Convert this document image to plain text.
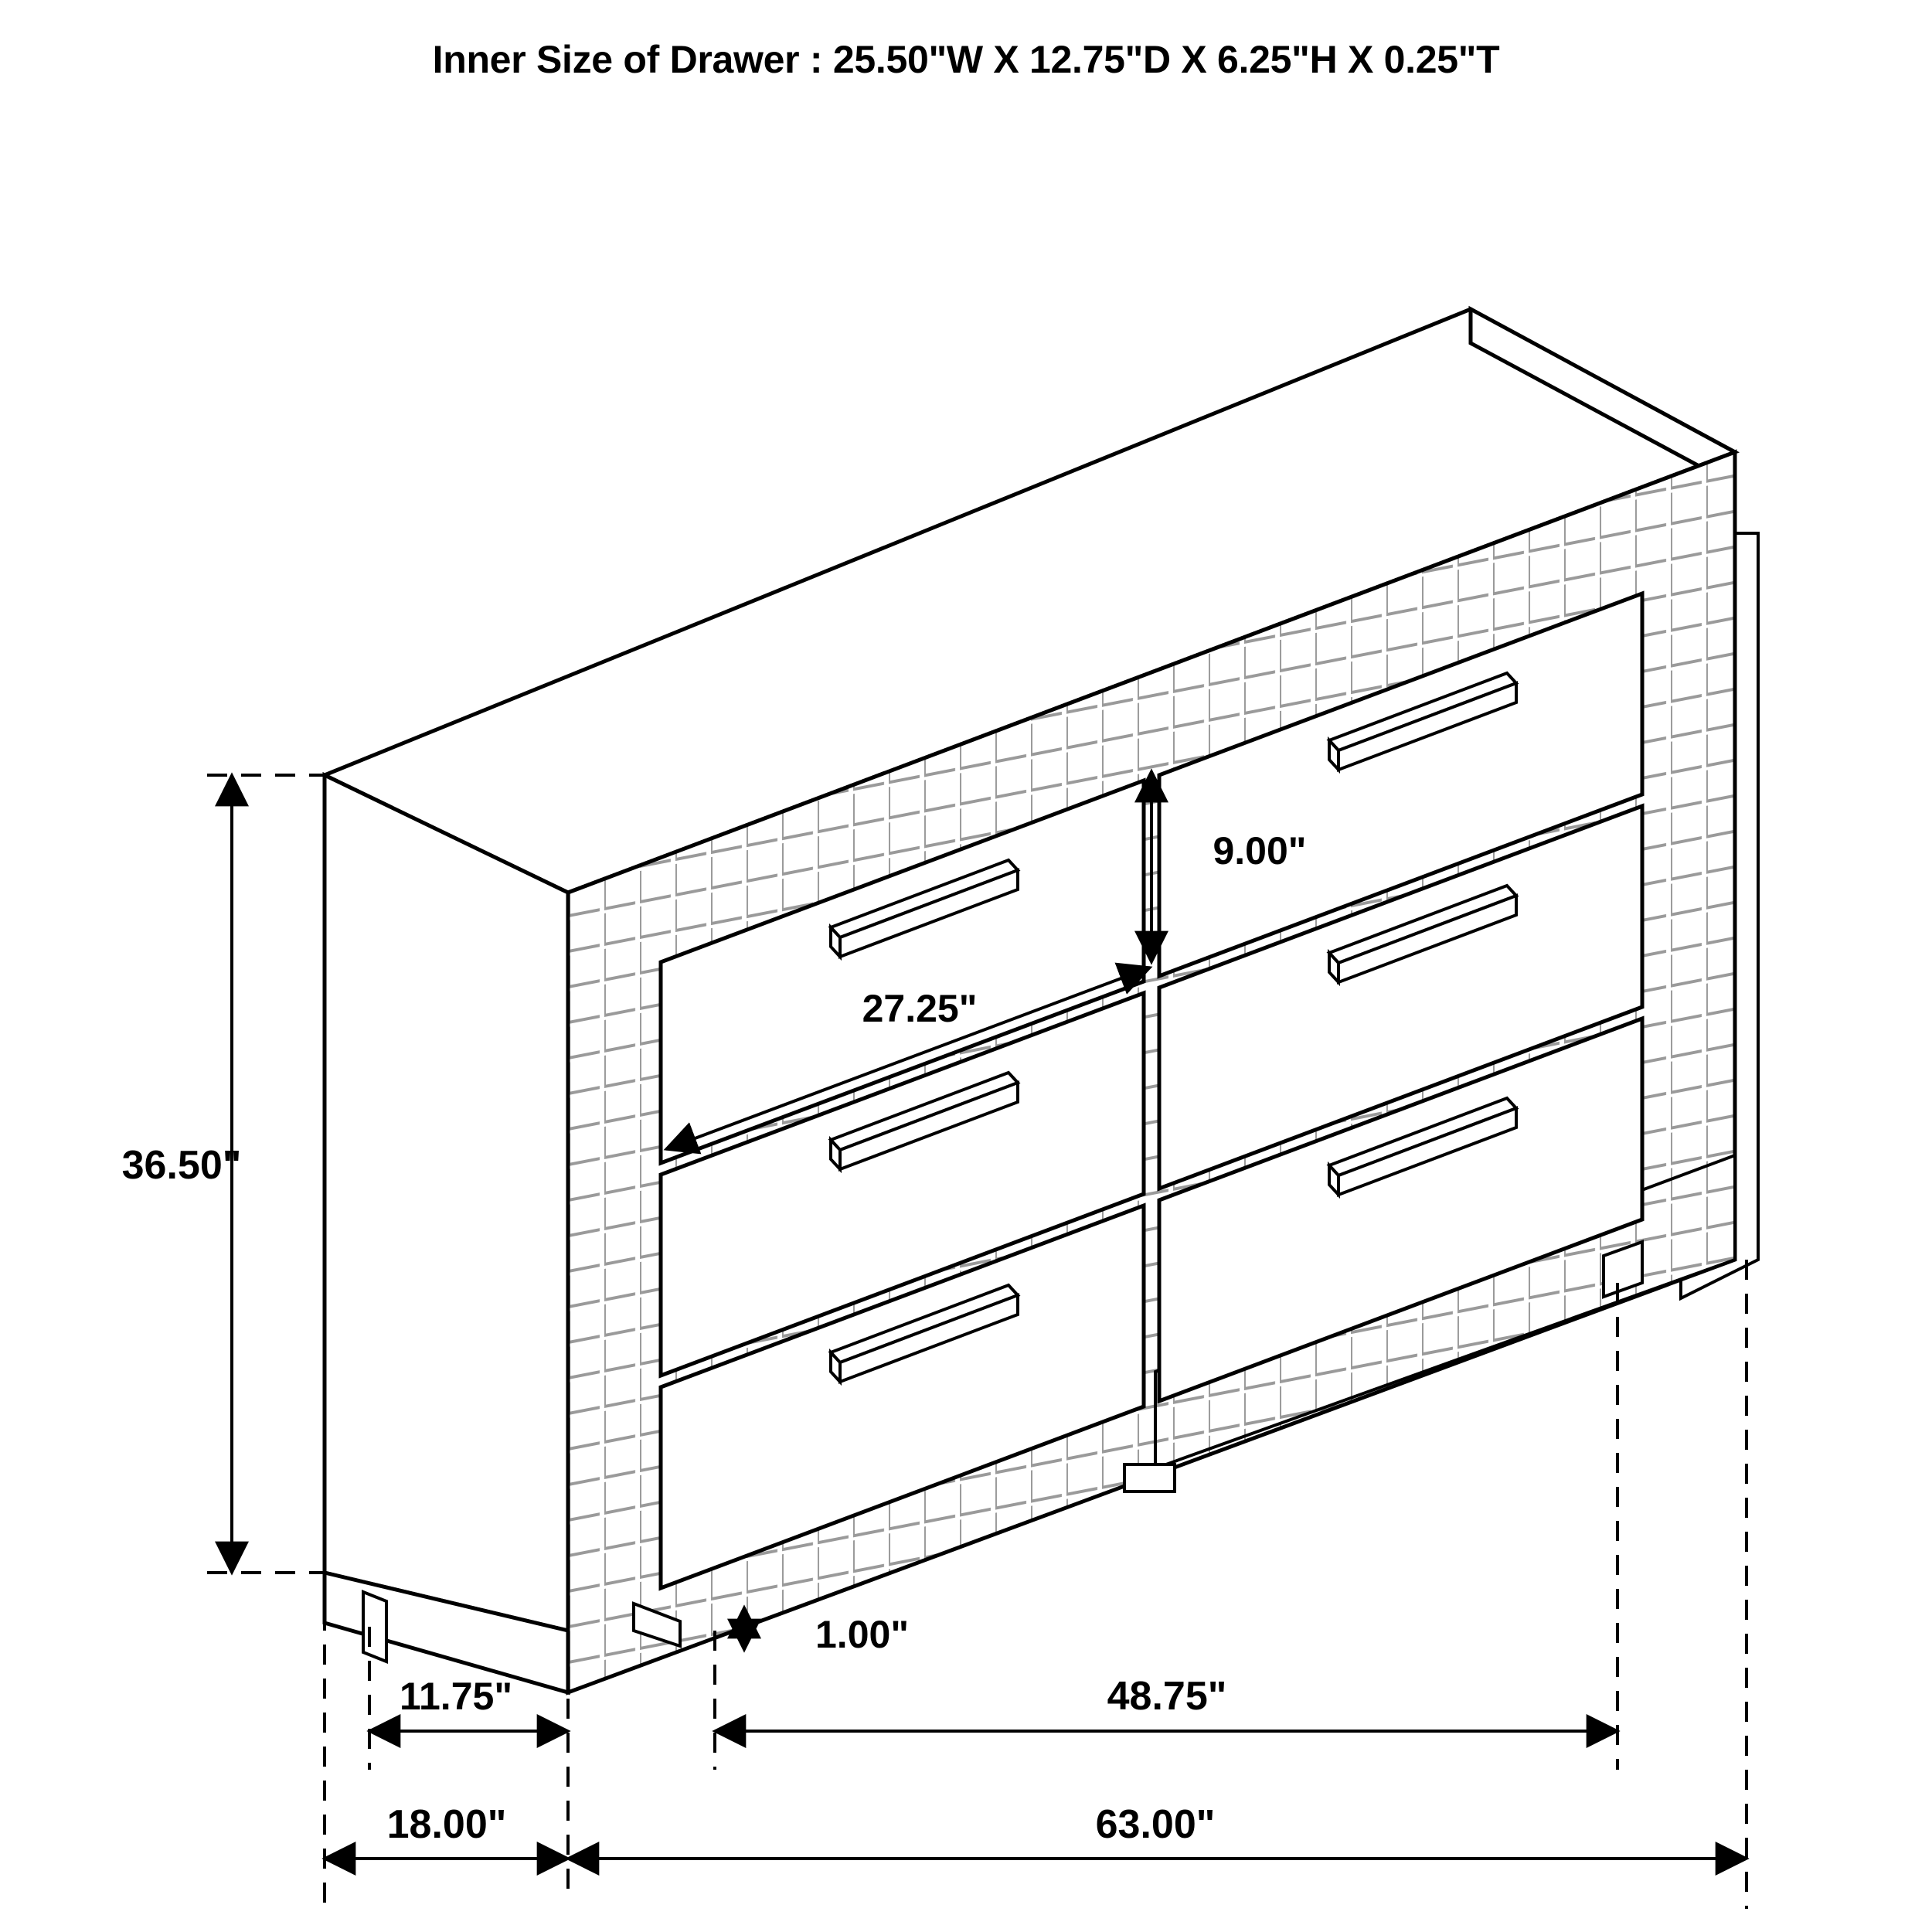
Inner Size of Drawer : 25.50"W X 12.75"D X 6.25"H X 0.25"T
36.50"
9.00"
27.25"
1.00"
11.75"
18.00"
48.75"
63.00"
